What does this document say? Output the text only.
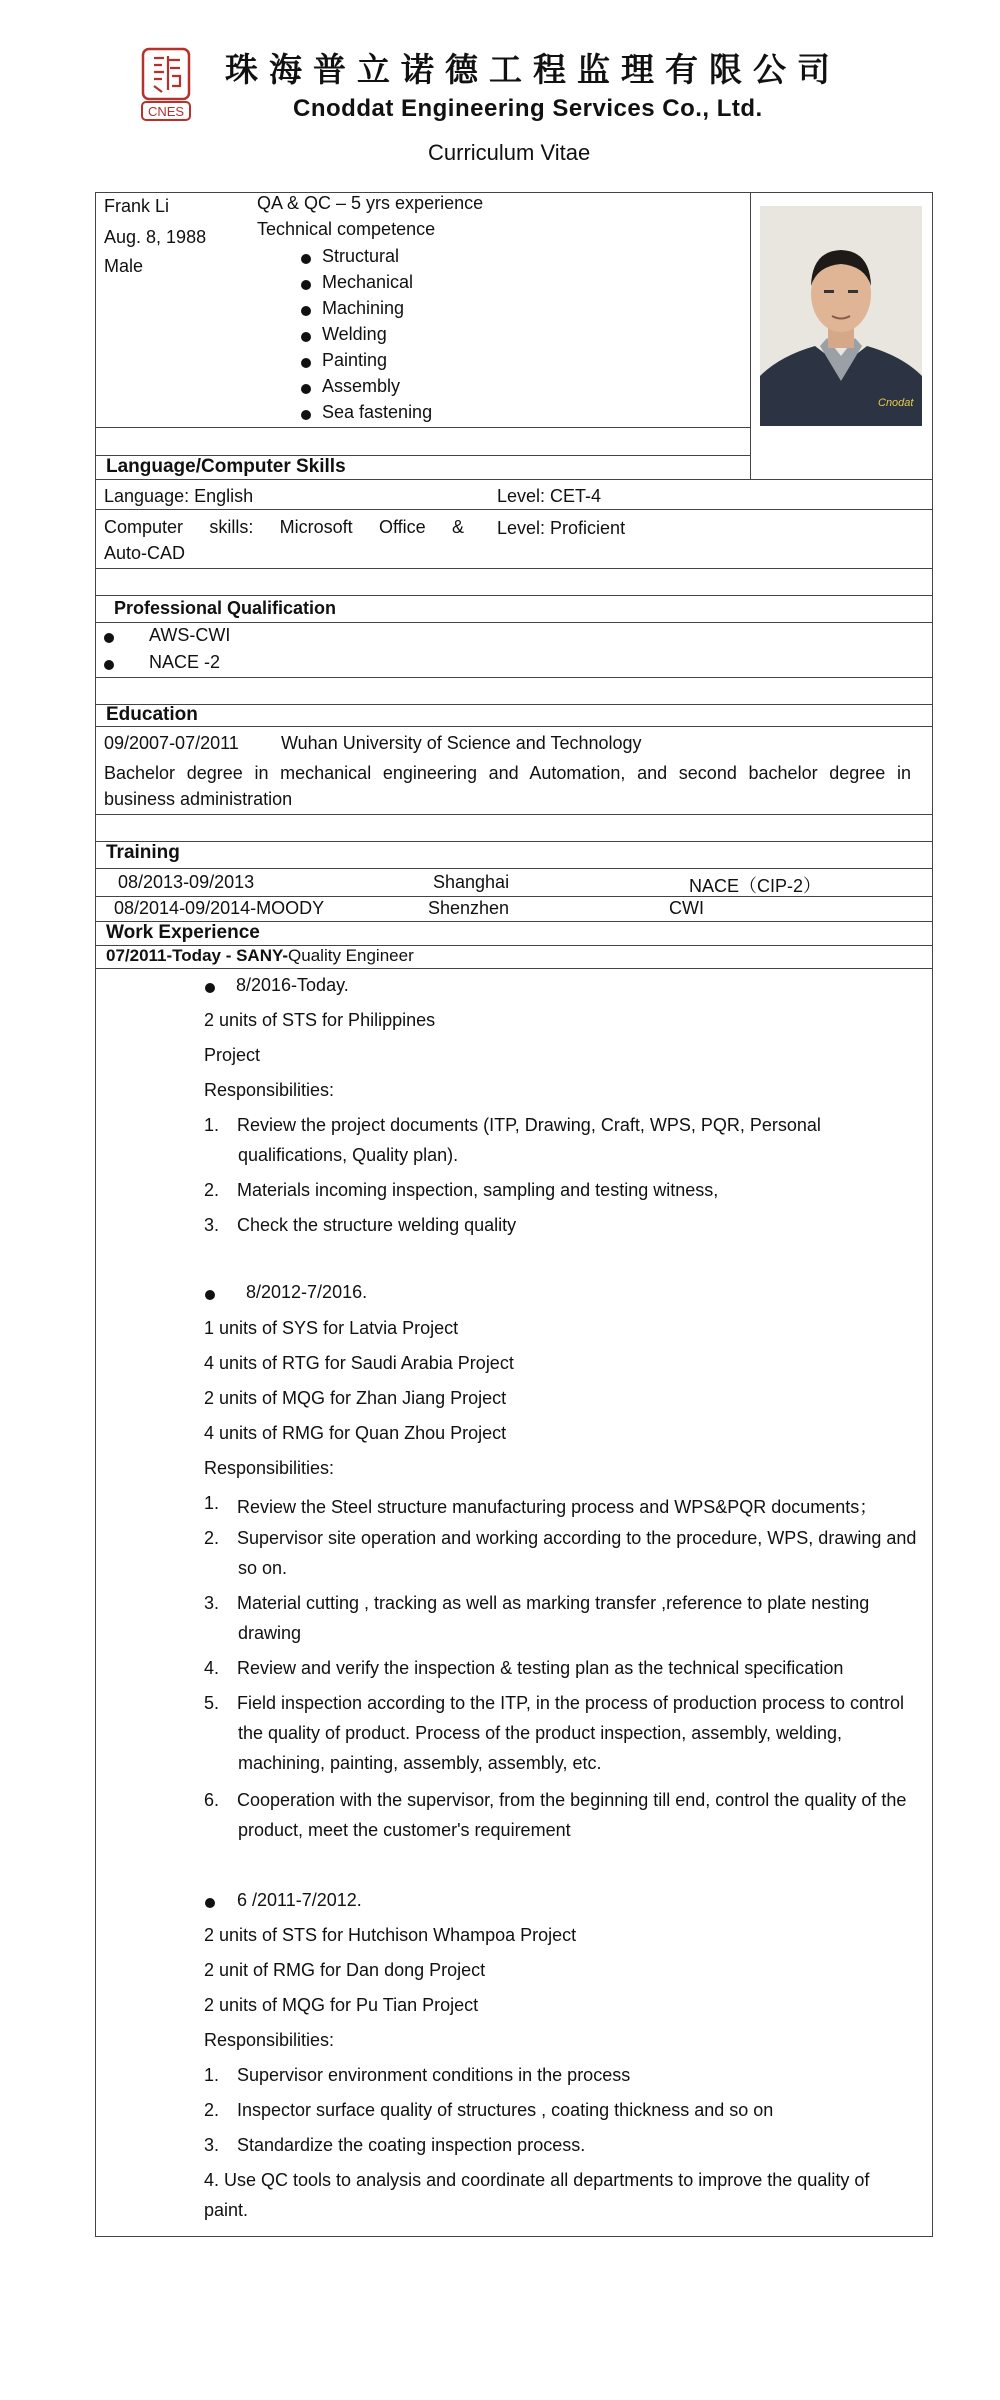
CNES
珠海普立诺德工程监理有限公司
Cnoddat Engineering Services Co., Ltd.
Curriculum Vitae
Frank Li
Aug. 8, 1988
Male
QA & QC – 5 yrs experience
Technical competence
Structural
Mechanical
Machining
Welding
Painting
Assembly
Sea fastening	Cnodat
Language/Computer Skills
Language: English	Level: CET-4
Computer skills: Microsoft Office &
Auto-CAD
Level: Proficient
Professional Qualification
AWS-CWI
NACE -2
Education
09/2007-07/2011 Wuhan University of Science and Technology
Bachelor degree in mechanical engineering and Automation, and second bachelor degree in
business administration
Training
08/2013-09/2013	Shanghai	NACE（CIP-2）
08/2014-09/2014-MOODY	Shenzhen	CWI
Work Experience
07/2011-Today - SANY-Quality Engineer
8/2016-Today.
2 units of STS for Philippines
Project
Responsibilities:
1. Review the project documents (ITP, Drawing, Craft, WPS, PQR, Personal
qualifications, Quality plan).
2. Materials incoming inspection, sampling and testing witness,
3. Check the structure welding quality
8/2012-7/2016.
1 units of SYS for Latvia Project
4 units of RTG for Saudi Arabia Project
2 units of MQG for Zhan Jiang Project
4 units of RMG for Quan Zhou Project
Responsibilities:
1. Review the Steel structure manufacturing process and WPS&PQR documents；
2. Supervisor site operation and working according to the procedure, WPS, drawing and
so on.
3. Material cutting , tracking as well as marking transfer ,reference to plate nesting
drawing
4. Review and verify the inspection & testing plan as the technical specification
5. Field inspection according to the ITP, in the process of production process to control
the quality of product. Process of the product inspection, assembly, welding,
machining, painting, assembly, assembly, etc.
6. Cooperation with the supervisor, from the beginning till end, control the quality of the
product, meet the customer's requirement
6 /2011-7/2012.
2 units of STS for Hutchison Whampoa Project
2 unit of RMG for Dan dong Project
2 units of MQG for Pu Tian Project
Responsibilities:
1. Supervisor environment conditions in the process
2. Inspector surface quality of structures , coating thickness and so on
3. Standardize the coating inspection process.
4. Use QC tools to analysis and coordinate all departments to improve the quality of
paint.
